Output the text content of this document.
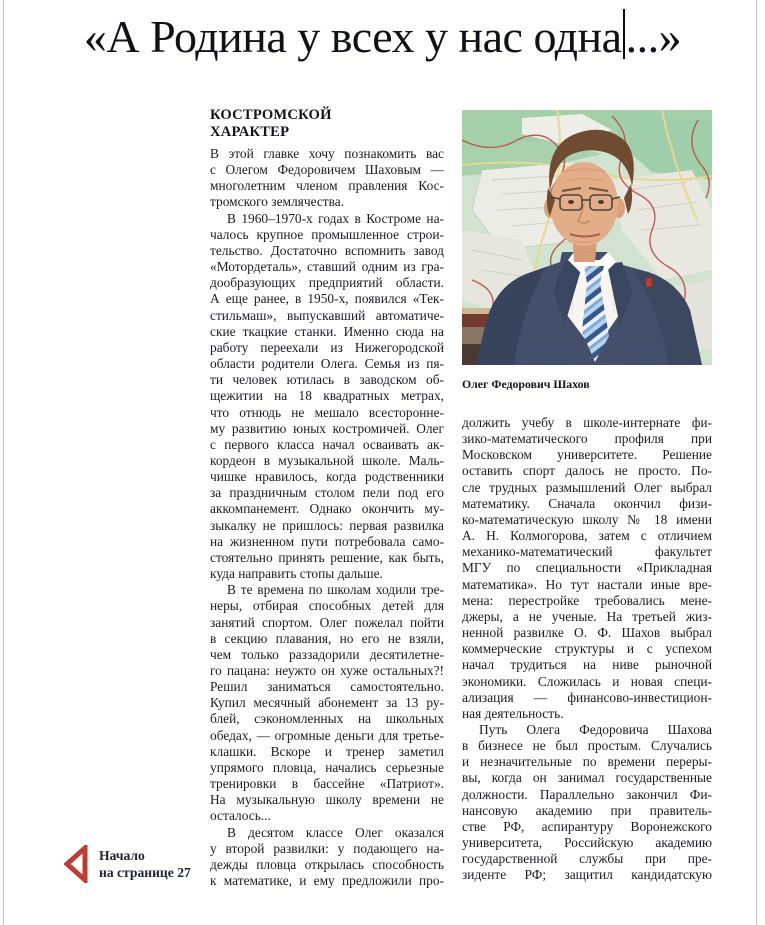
«А Родина у всех у нас одна...»
КОСТРОМСКОЙ
ХАРАКТЕР
В этой главке хочу познакомить вас
с Олегом Федоровичем Шаховым —
многолетним членом правления Кос-
тромского землячества.
В 1960–1970-х годах в Костроме на-
чалось крупное промышленное строи-
тельство. Достаточно вспомнить завод
«Мотордеталь», ставший одним из гра-
дообразующих предприятий области.
А еще ранее, в 1950-х, появился «Тек-
стильмаш», выпускавший автоматиче-
ские ткацкие станки. Именно сюда на
работу переехали из Нижегородской
области родители Олега. Семья из пя-
ти человек ютилась в заводском об-
щежитии на 18 квадратных метрах,
что отнюдь не мешало всесторонне-
му развитию юных костромичей. Олег
с первого класса начал осваивать ак-
кордеон в музыкальной школе. Маль-
чишке нравилось, когда родственники
за праздничным столом пели под его
аккомпанемент. Однако окончить му-
зыкалку не пришлось: первая развилка
на жизненном пути потребовала само-
стоятельно принять решение, как быть,
куда направить стопы дальше.
В те времена по школам ходили тре-
неры, отбирая способных детей для
занятий спортом. Олег пожелал пойти
в секцию плавания, но его не взяли,
чем только раззадорили десятилетне-
го пацана: неужто он хуже остальных?!
Решил заниматься самостоятельно.
Купил месячный абонемент за 13 ру-
блей, сэкономленных на школьных
обедах, — огромные деньги для третье-
клашки. Вскоре и тренер заметил
упрямого пловца, начались серьезные
тренировки в бассейне «Патриот».
На музыкальную школу времени не
осталось...
В десятом классе Олег оказался
у второй развилки: у подающего на-
дежды пловца открылась способность
к математике, и ему предложили про-
Олег Федорович Шахов
должить учебу в школе-интернате фи-
зико-математического профиля при
Московском университете. Решение
оставить спорт далось не просто. По-
сле трудных размышлений Олег выбрал
математику. Сначала окончил физи-
ко-математическую школу № 18 имени
А. Н. Колмогорова, затем с отличием
механико-математический факультет
МГУ по специальности «Прикладная
математика». Но тут настали иные вре-
мена: перестройке требовались мене-
джеры, а не ученые. На третьей жиз-
ненной развилке О. Ф. Шахов выбрал
коммерческие структуры и с успехом
начал трудиться на ниве рыночной
экономики. Сложилась и новая специ-
ализация — финансово-инвестицион-
ная деятельность.
Путь Олега Федоровича Шахова
в бизнесе не был простым. Случались
и незначительные по времени переры-
вы, когда он занимал государственные
должности. Параллельно закончил Фи-
нансовую академию при правитель-
стве РФ, аспирантуру Воронежского
университета, Российскую академию
государственной службы при пре-
зиденте РФ; защитил кандидатскую
Начало
на странице 27
